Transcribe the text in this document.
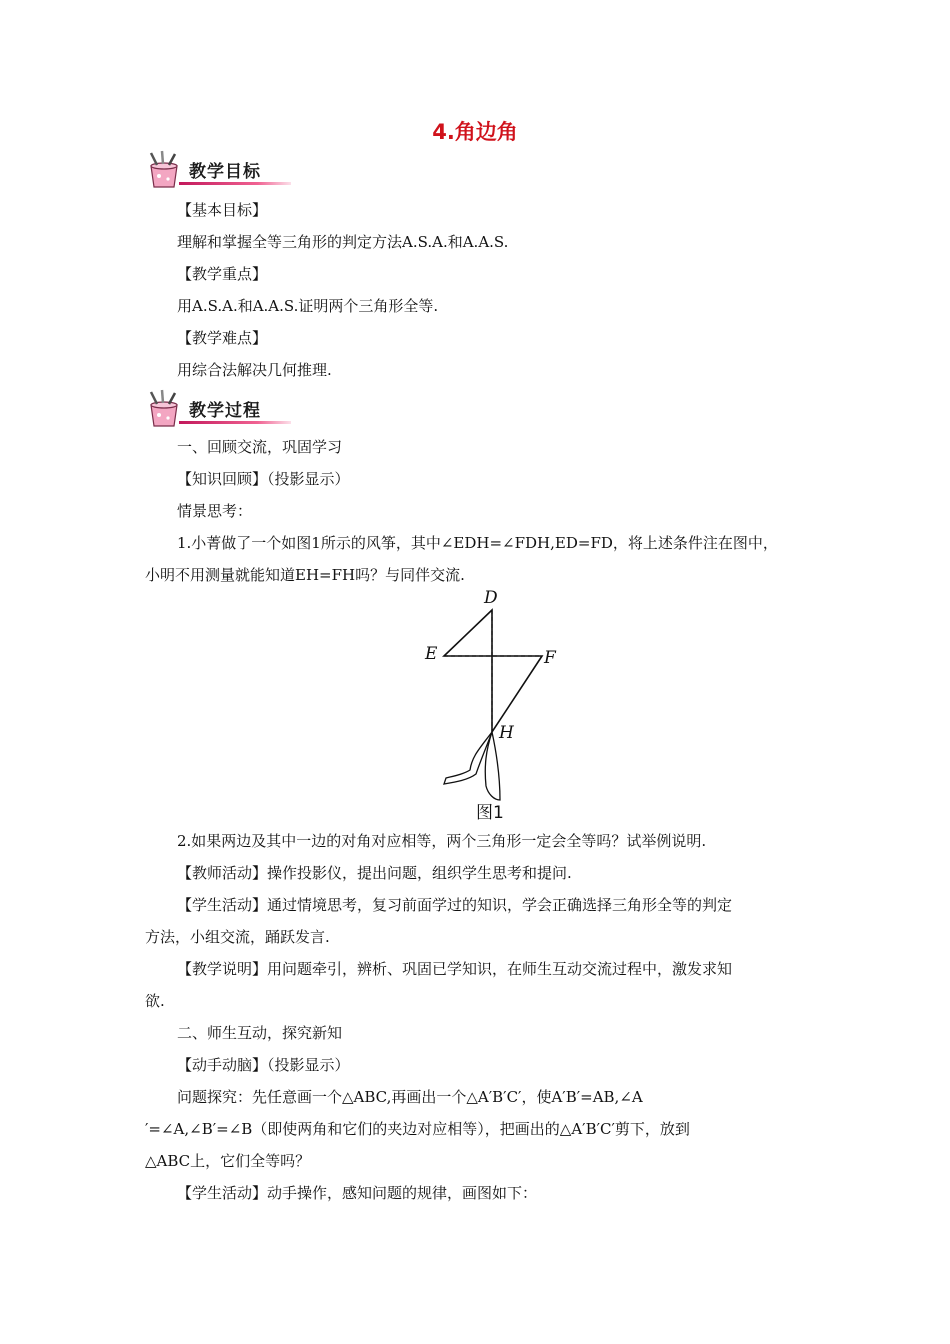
4.角边角
教学目标
【基本目标】
理解和掌握全等三角形的判定方法A.S.A.和A.A.S.
【教学重点】
用A.S.A.和A.A.S.证明两个三角形全等.
【教学难点】
用综合法解决几何推理.
教学过程
一、回顾交流，巩固学习
【知识回顾】（投影显示）
情景思考：
1.小菁做了一个如图1所示的风筝，其中∠EDH=∠FDH,ED=FD，将上述条件注在图中，
小明不用测量就能知道EH=FH吗？与同伴交流.
D
E	F
H
图1
2.如果两边及其中一边的对角对应相等，两个三角形一定会全等吗？试举例说明.
【教师活动】操作投影仪，提出问题，组织学生思考和提问.
【学生活动】通过情境思考，复习前面学过的知识，学会正确选择三角形全等的判定
方法，小组交流，踊跃发言.
【教学说明】用问题牵引，辨析、巩固已学知识，在师生互动交流过程中，激发求知
欲.
二、师生互动，探究新知
【动手动脑】（投影显示）
问题探究：先任意画一个△ABC,再画出一个△A′B′C′，使A′B′=AB,∠A
′=∠A,∠B′=∠B（即使两角和它们的夹边对应相等），把画出的△A′B′C′剪下，放到
△ABC上，它们全等吗？
【学生活动】动手操作，感知问题的规律，画图如下：
